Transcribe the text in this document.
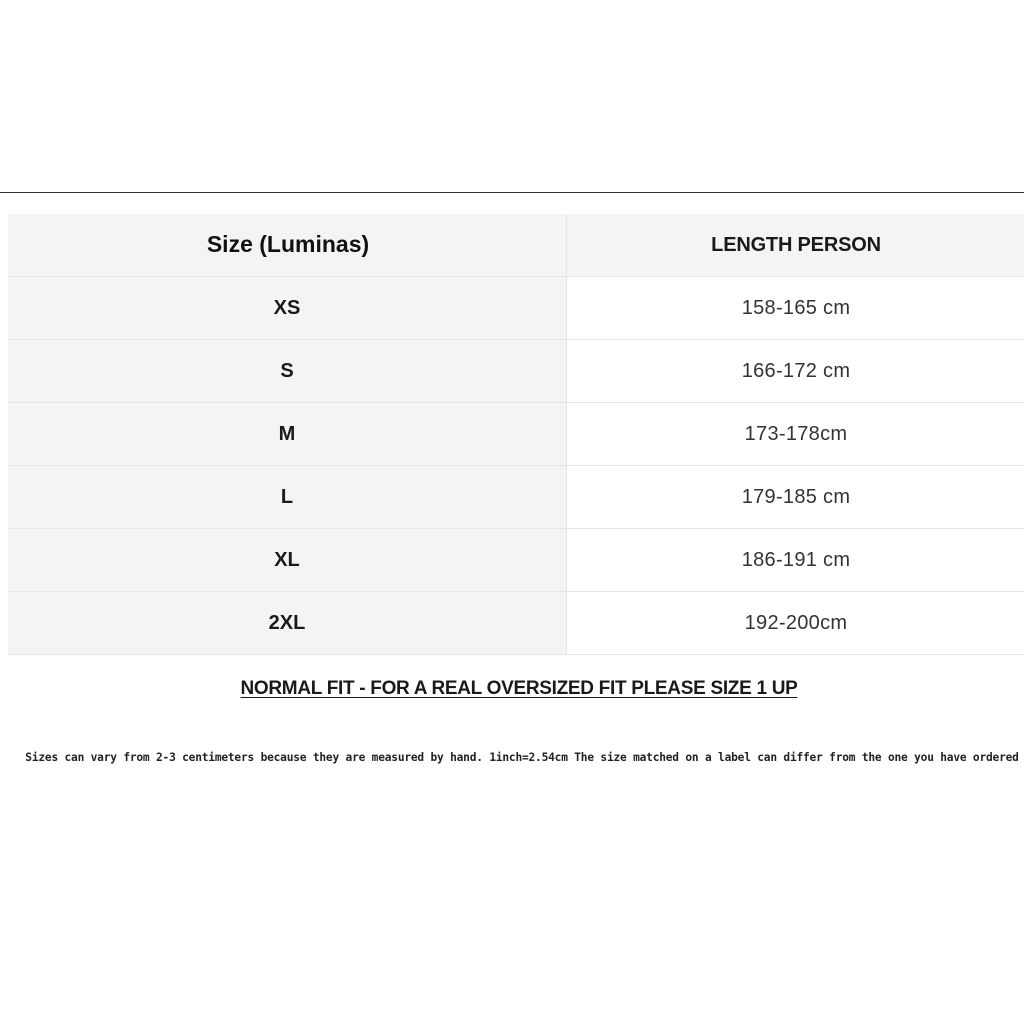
Size (Luminas)	LENGTH PERSON
XS	158-165 cm
S	166-172 cm
M	173-178cm
L	179-185 cm
XL	186-191 cm
2XL	192-200cm
NORMAL FIT - FOR A REAL OVERSIZED FIT PLEASE SIZE 1 UP
Sizes can vary from 2-3 centimeters because they are measured by hand. 1inch=2.54cm The size matched on a label can differ from the one you have ordered
